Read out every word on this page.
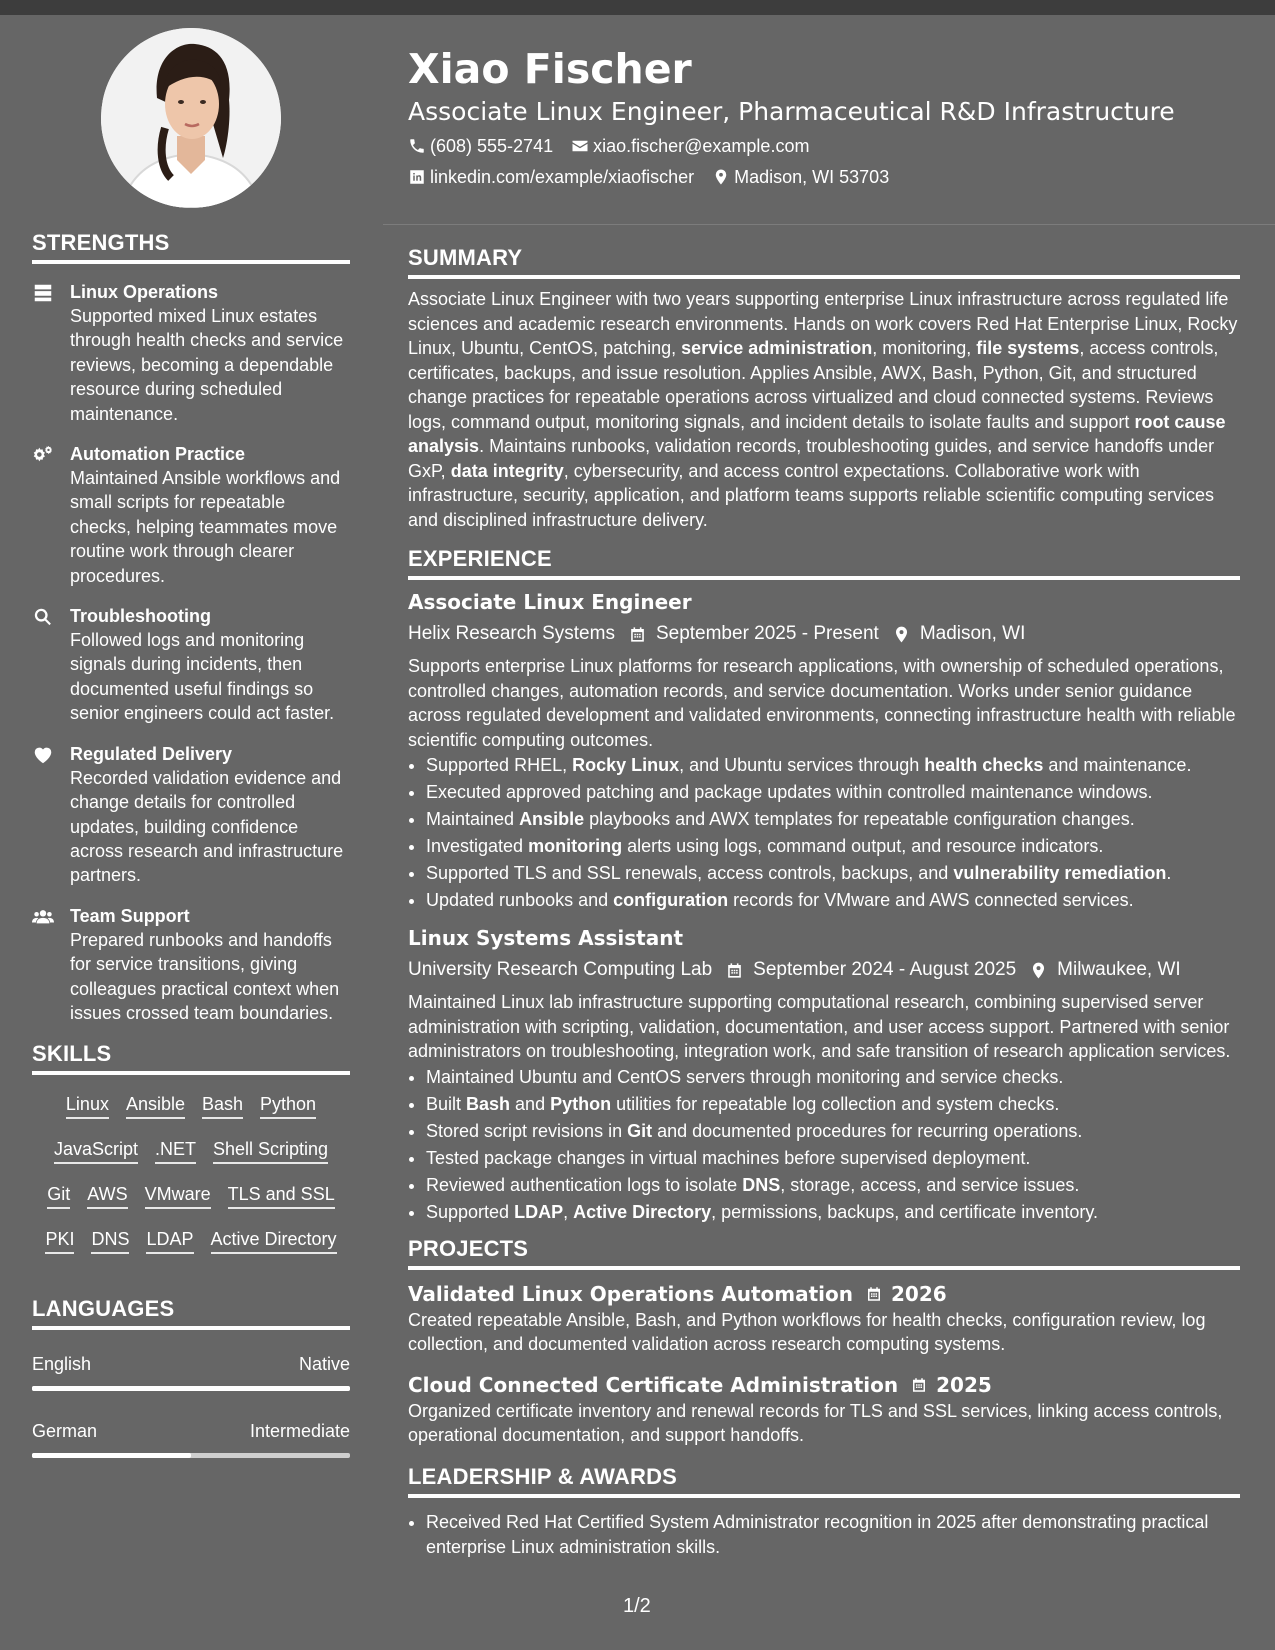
Xiao Fischer
Associate Linux Engineer, Pharmaceutical R&D Infrastructure
(608) 555-2741 xiao.fischer@example.com
linkedin.com/example/xiaofischer Madison, WI 53703
STRENGTHS
Linux Operations
Supported mixed Linux estates through health checks and service reviews, becoming a dependable resource during scheduled maintenance.
Automation Practice
Maintained Ansible workflows and small scripts for repeatable checks, helping teammates move routine work through clearer procedures.
Troubleshooting
Followed logs and monitoring signals during incidents, then documented useful findings so senior engineers could act faster.
Regulated Delivery
Recorded validation evidence and change details for controlled updates, building confidence across research and infrastructure partners.
Team Support
Prepared runbooks and handoffs for service transitions, giving colleagues practical context when issues crossed team boundaries.
SKILLS
Linux Ansible Bash Python
JavaScript .NET Shell Scripting
Git AWS VMware TLS and SSL
PKI DNS LDAP Active Directory
LANGUAGES
English	Native
German	Intermediate
SUMMARY
Associate Linux Engineer with two years supporting enterprise Linux infrastructure across regulated life sciences and academic research environments. Hands on work covers Red Hat Enterprise Linux, Rocky Linux, Ubuntu, CentOS, patching, service administration, monitoring, file systems, access controls, certificates, backups, and issue resolution. Applies Ansible, AWX, Bash, Python, Git, and structured change practices for repeatable operations across virtualized and cloud connected systems. Reviews logs, command output, monitoring signals, and incident details to isolate faults and support root cause analysis. Maintains runbooks, validation records, troubleshooting guides, and service handoffs under GxP, data integrity, cybersecurity, and access control expectations. Collaborative work with infrastructure, security, application, and platform teams supports reliable scientific computing services and disciplined infrastructure delivery.
EXPERIENCE
Associate Linux Engineer
Helix Research Systems September 2025 - Present Madison, WI
Supports enterprise Linux platforms for research applications, with ownership of scheduled operations, controlled changes, automation records, and service documentation. Works under senior guidance across regulated development and validated environments, connecting infrastructure health with reliable scientific computing outcomes.
• Supported RHEL, Rocky Linux, and Ubuntu services through health checks and maintenance.
• Executed approved patching and package updates within controlled maintenance windows.
• Maintained Ansible playbooks and AWX templates for repeatable configuration changes.
• Investigated monitoring alerts using logs, command output, and resource indicators.
• Supported TLS and SSL renewals, access controls, backups, and vulnerability remediation.
• Updated runbooks and configuration records for VMware and AWS connected services.
Linux Systems Assistant
University Research Computing Lab September 2024 - August 2025 Milwaukee, WI
Maintained Linux lab infrastructure supporting computational research, combining supervised server administration with scripting, validation, documentation, and user access support. Partnered with senior administrators on troubleshooting, integration work, and safe transition of research application services.
• Maintained Ubuntu and CentOS servers through monitoring and service checks.
• Built Bash and Python utilities for repeatable log collection and system checks.
• Stored script revisions in Git and documented procedures for recurring operations.
• Tested package changes in virtual machines before supervised deployment.
• Reviewed authentication logs to isolate DNS, storage, access, and service issues.
• Supported LDAP, Active Directory, permissions, backups, and certificate inventory.
PROJECTS
Validated Linux Operations Automation 2026
Created repeatable Ansible, Bash, and Python workflows for health checks, configuration review, log collection, and documented validation across research computing systems.
Cloud Connected Certificate Administration 2025
Organized certificate inventory and renewal records for TLS and SSL services, linking access controls, operational documentation, and support handoffs.
LEADERSHIP & AWARDS
• Received Red Hat Certified System Administrator recognition in 2025 after demonstrating practical enterprise Linux administration skills.
1/2
